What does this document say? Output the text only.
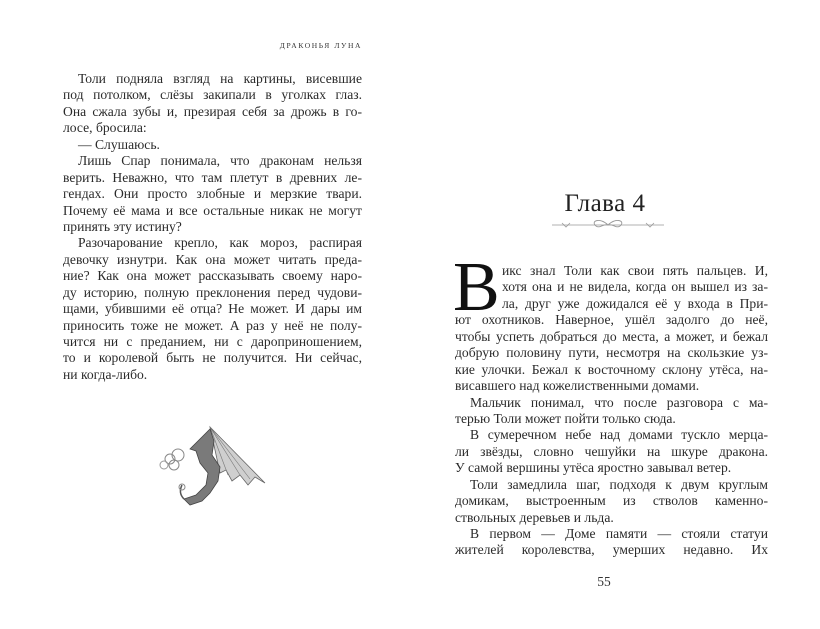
ДРАКОНЬЯ ЛУНА
Толи подняла взгляд на картины, висевшие
под потолком, слёзы закипали в уголках глаз.
Она сжала зубы и, презирая себя за дрожь в го-
лосе, бросила:
— Слушаюсь.
Лишь Спар понимала, что драконам нельзя
верить. Неважно, что там плетут в древних ле-
гендах. Они просто злобные и мерзкие твари.
Почему её мама и все остальные никак не могут
принять эту истину?
Разочарование крепло, как мороз, распирая
девочку изнутри. Как она может читать преда-
ние? Как она может рассказывать своему наро-
ду историю, полную преклонения перед чудови-
щами, убившими её отца? Не может. И дары им
приносить тоже не может. А раз у неё не полу-
чится ни с преданием, ни с дароприношением,
то и королевой быть не получится. Ни сейчас,
ни когда-либо.
Глава 4
В икс знал Толи как свои пять пальцев. И,
хотя она и не видела, когда он вышел из за-
ла, друг уже дожидался её у входа в При-
ют охотников. Наверное, ушёл задолго до неё,
чтобы успеть добраться до места, а может, и бежал
добрую половину пути, несмотря на скользкие уз-
кие улочки. Бежал к восточному склону утёса, на-
висавшего над кожелиственными домами.
Мальчик понимал, что после разговора с ма-
терью Толи может пойти только сюда.
В сумеречном небе над домами тускло мерца-
ли звёзды, словно чешуйки на шкуре дракона.
У самой вершины утёса яростно завывал ветер.
Толи замедлила шаг, подходя к двум круглым
домикам, выстроенным из стволов каменно-
ствольных деревьев и льда.
В первом — Доме памяти — стояли статуи
жителей королевства, умерших недавно. Их
55
